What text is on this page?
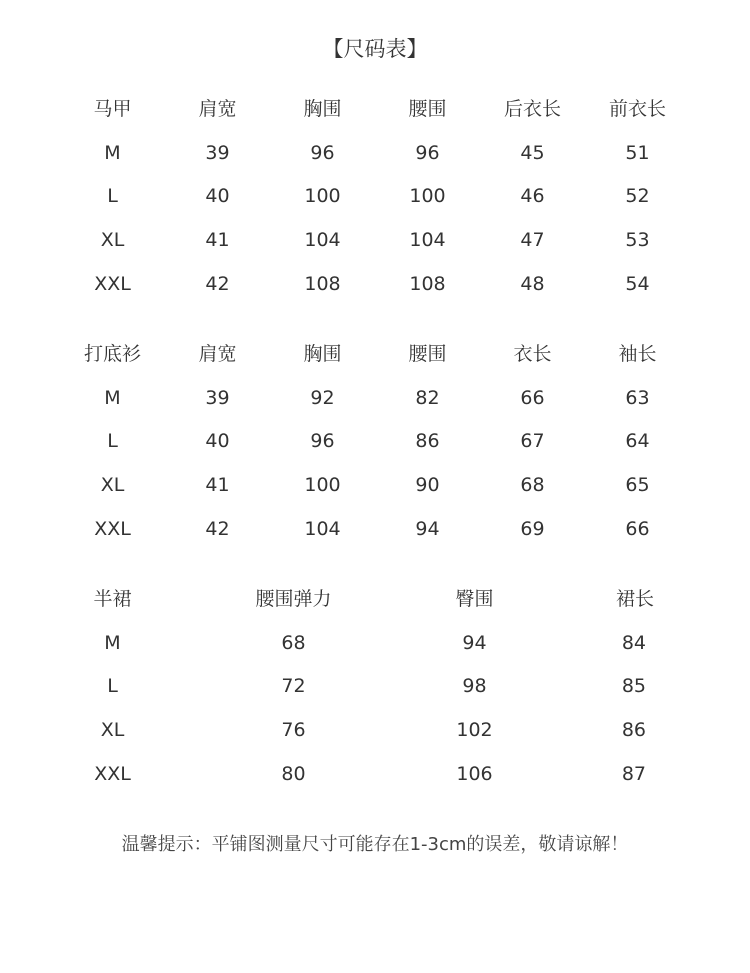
【尺码表】
马甲	肩宽	胸围	腰围	后衣长	前衣长
M	39	96	96	45	51
L	40	100	100	46	52
XL	41	104	104	47	53
XXL	42	108	108	48	54
打底衫	肩宽	胸围	腰围	衣长	袖长
M	39	92	82	66	63
L	40	96	86	67	64
XL	41	100	90	68	65
XXL	42	104	94	69	66
半裙	腰围弹力	臀围	裙长
M	68	94	84
L	72	98	85
XL	76	102	86
XXL	80	106	87
温馨提示：平铺图测量尺寸可能存在1-3cm的误差，敬请谅解！
